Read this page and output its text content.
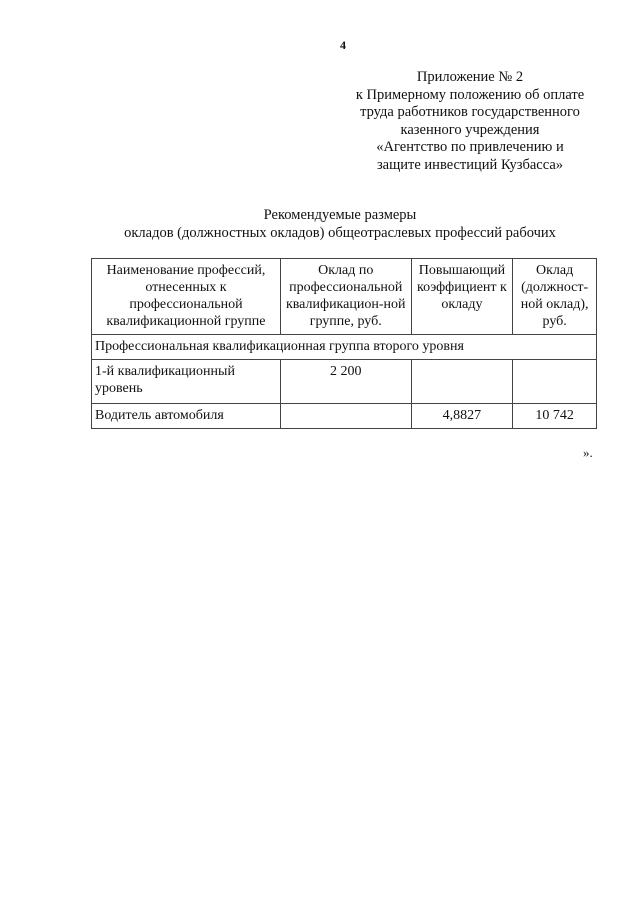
4
Приложение № 2
к Примерному положению об оплате
труда работников государственного
казенного учреждения
«Агентство по привлечению и
защите инвестиций Кузбасса»
Рекомендуемые размеры
окладов (должностных окладов) общеотраслевых профессий рабочих
Наименование профессий, отнесенных к профессиональной квалификационной группе	Оклад по профессиональной квалификацион-ной группе, руб.	Повышающий коэффициент к окладу	Оклад (должност-ной оклад), руб.
Профессиональная квалификационная группа второго уровня			
1-й квалификационный уровень	2 200		
Водитель автомобиля		4,8827	10 742
».
